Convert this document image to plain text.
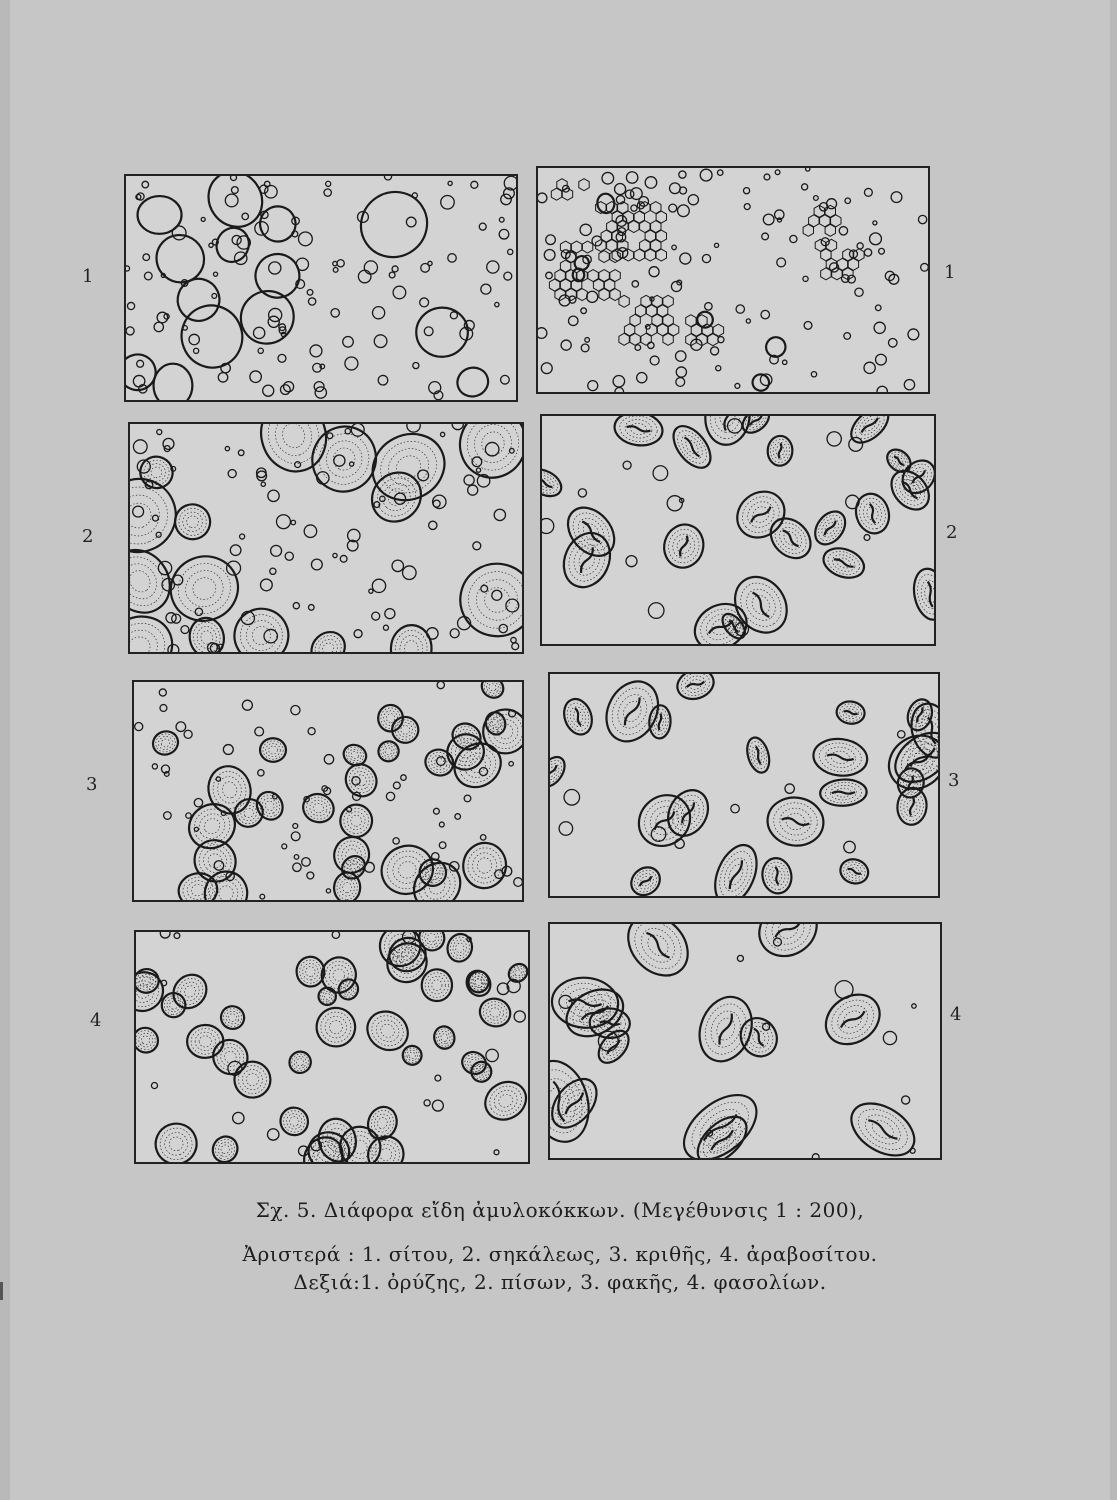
1
2
3
4
1
2
3
4
Σχ. 5. Διάφορα εἴδη ἀμυλοκόκκων. (Μεγέθυνσις 1 : 200),
Ἀριστερά : 1. σίτου, 2. σηκάλεως, 3. κριθῆς, 4. ἀραβοσίτου.
Δεξιά:1. ὀρύζης, 2. πίσων, 3. φακῆς, 4. φασολίων.
